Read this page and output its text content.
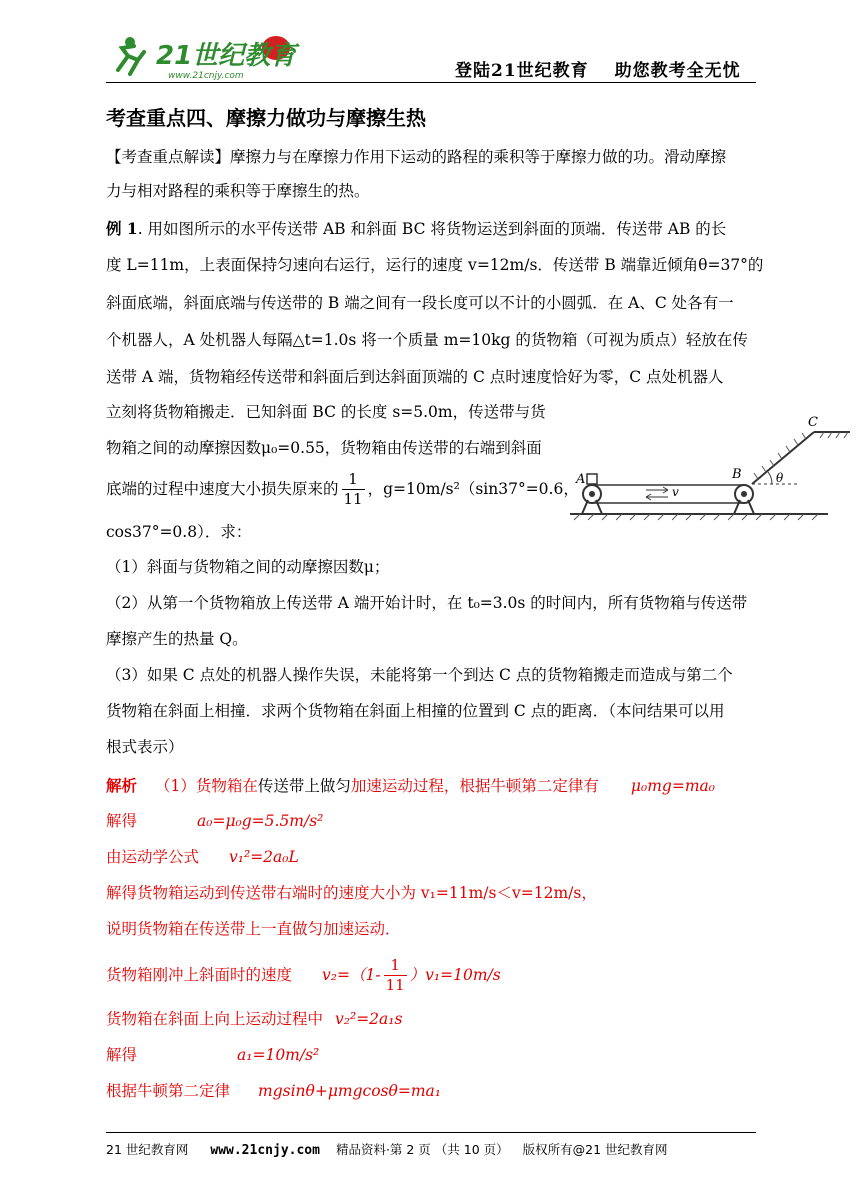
21世纪教育
www.21cnjy.com	登陆21世纪教育 助您教考全无忧
考查重点四、摩擦力做功与摩擦生热
【考查重点解读】摩擦力与在摩擦力作用下运动的路程的乘积等于摩擦力做的功。滑动摩擦
力与相对路程的乘积等于摩擦生的热。
例 1. 用如图所示的水平传送带 AB 和斜面 BC 将货物运送到斜面的顶端．传送带 AB 的长
度 L=11m，上表面保持匀速向右运行，运行的速度 v=12m/s．传送带 B 端靠近倾角θ=37°的
斜面底端，斜面底端与传送带的 B 端之间有一段长度可以不计的小圆弧．在 A、C 处各有一
个机器人，A 处机器人每隔△t=1.0s 将一个质量 m=10kg 的货物箱（可视为质点）轻放在传
送带 A 端，货物箱经传送带和斜面后到达斜面顶端的 C 点时速度恰好为零，C 点处机器人
立刻将货物箱搬走．已知斜面 BC 的长度 s=5.0m，传送带与货
物箱之间的动摩擦因数μ₀=0.55，货物箱由传送带的右端到斜面
底端的过程中速度大小损失原来的 $\frac{1}{11}$ ，g=10m/s²（sin37°=0.6，
cos37°=0.8）．求：
（1）斜面与货物箱之间的动摩擦因数μ；
（2）从第一个货物箱放上传送带 A 端开始计时，在 t₀=3.0s 的时间内，所有货物箱与传送带
摩擦产生的热量 Q。
（3）如果 C 点处的机器人操作失误，未能将第一个到达 C 点的货物箱搬走而造成与第二个
货物箱在斜面上相撞．求两个货物箱在斜面上相撞的位置到 C 点的距离．（本问结果可以用
根式表示）
A	B
C
v
θ
解析 （1）货物箱在传送带上做匀加速运动过程，根据牛顿第二定律有 μ₀mg=ma₀
解得	a₀=μ₀g=5.5m/s²
由运动学公式 v₁²=2a₀L
解得货物箱运动到传送带右端时的速度大小为 v₁=11m/s＜v=12m/s，
说明货物箱在传送带上一直做匀加速运动．
货物箱刚冲上斜面时的速度 $v_2=(1- \frac{1}{11} )v_1=10m/s$
货物箱在斜面上向上运动过程中 v₂²=2a₁s
解得	a₁=10m/s²
根据牛顿第二定律 mgsinθ+μmgcosθ=ma₁
21 世纪教育网 www.21cnjy.com 精品资料·第 2 页 （共 10 页） 版权所有@21 世纪教育网
